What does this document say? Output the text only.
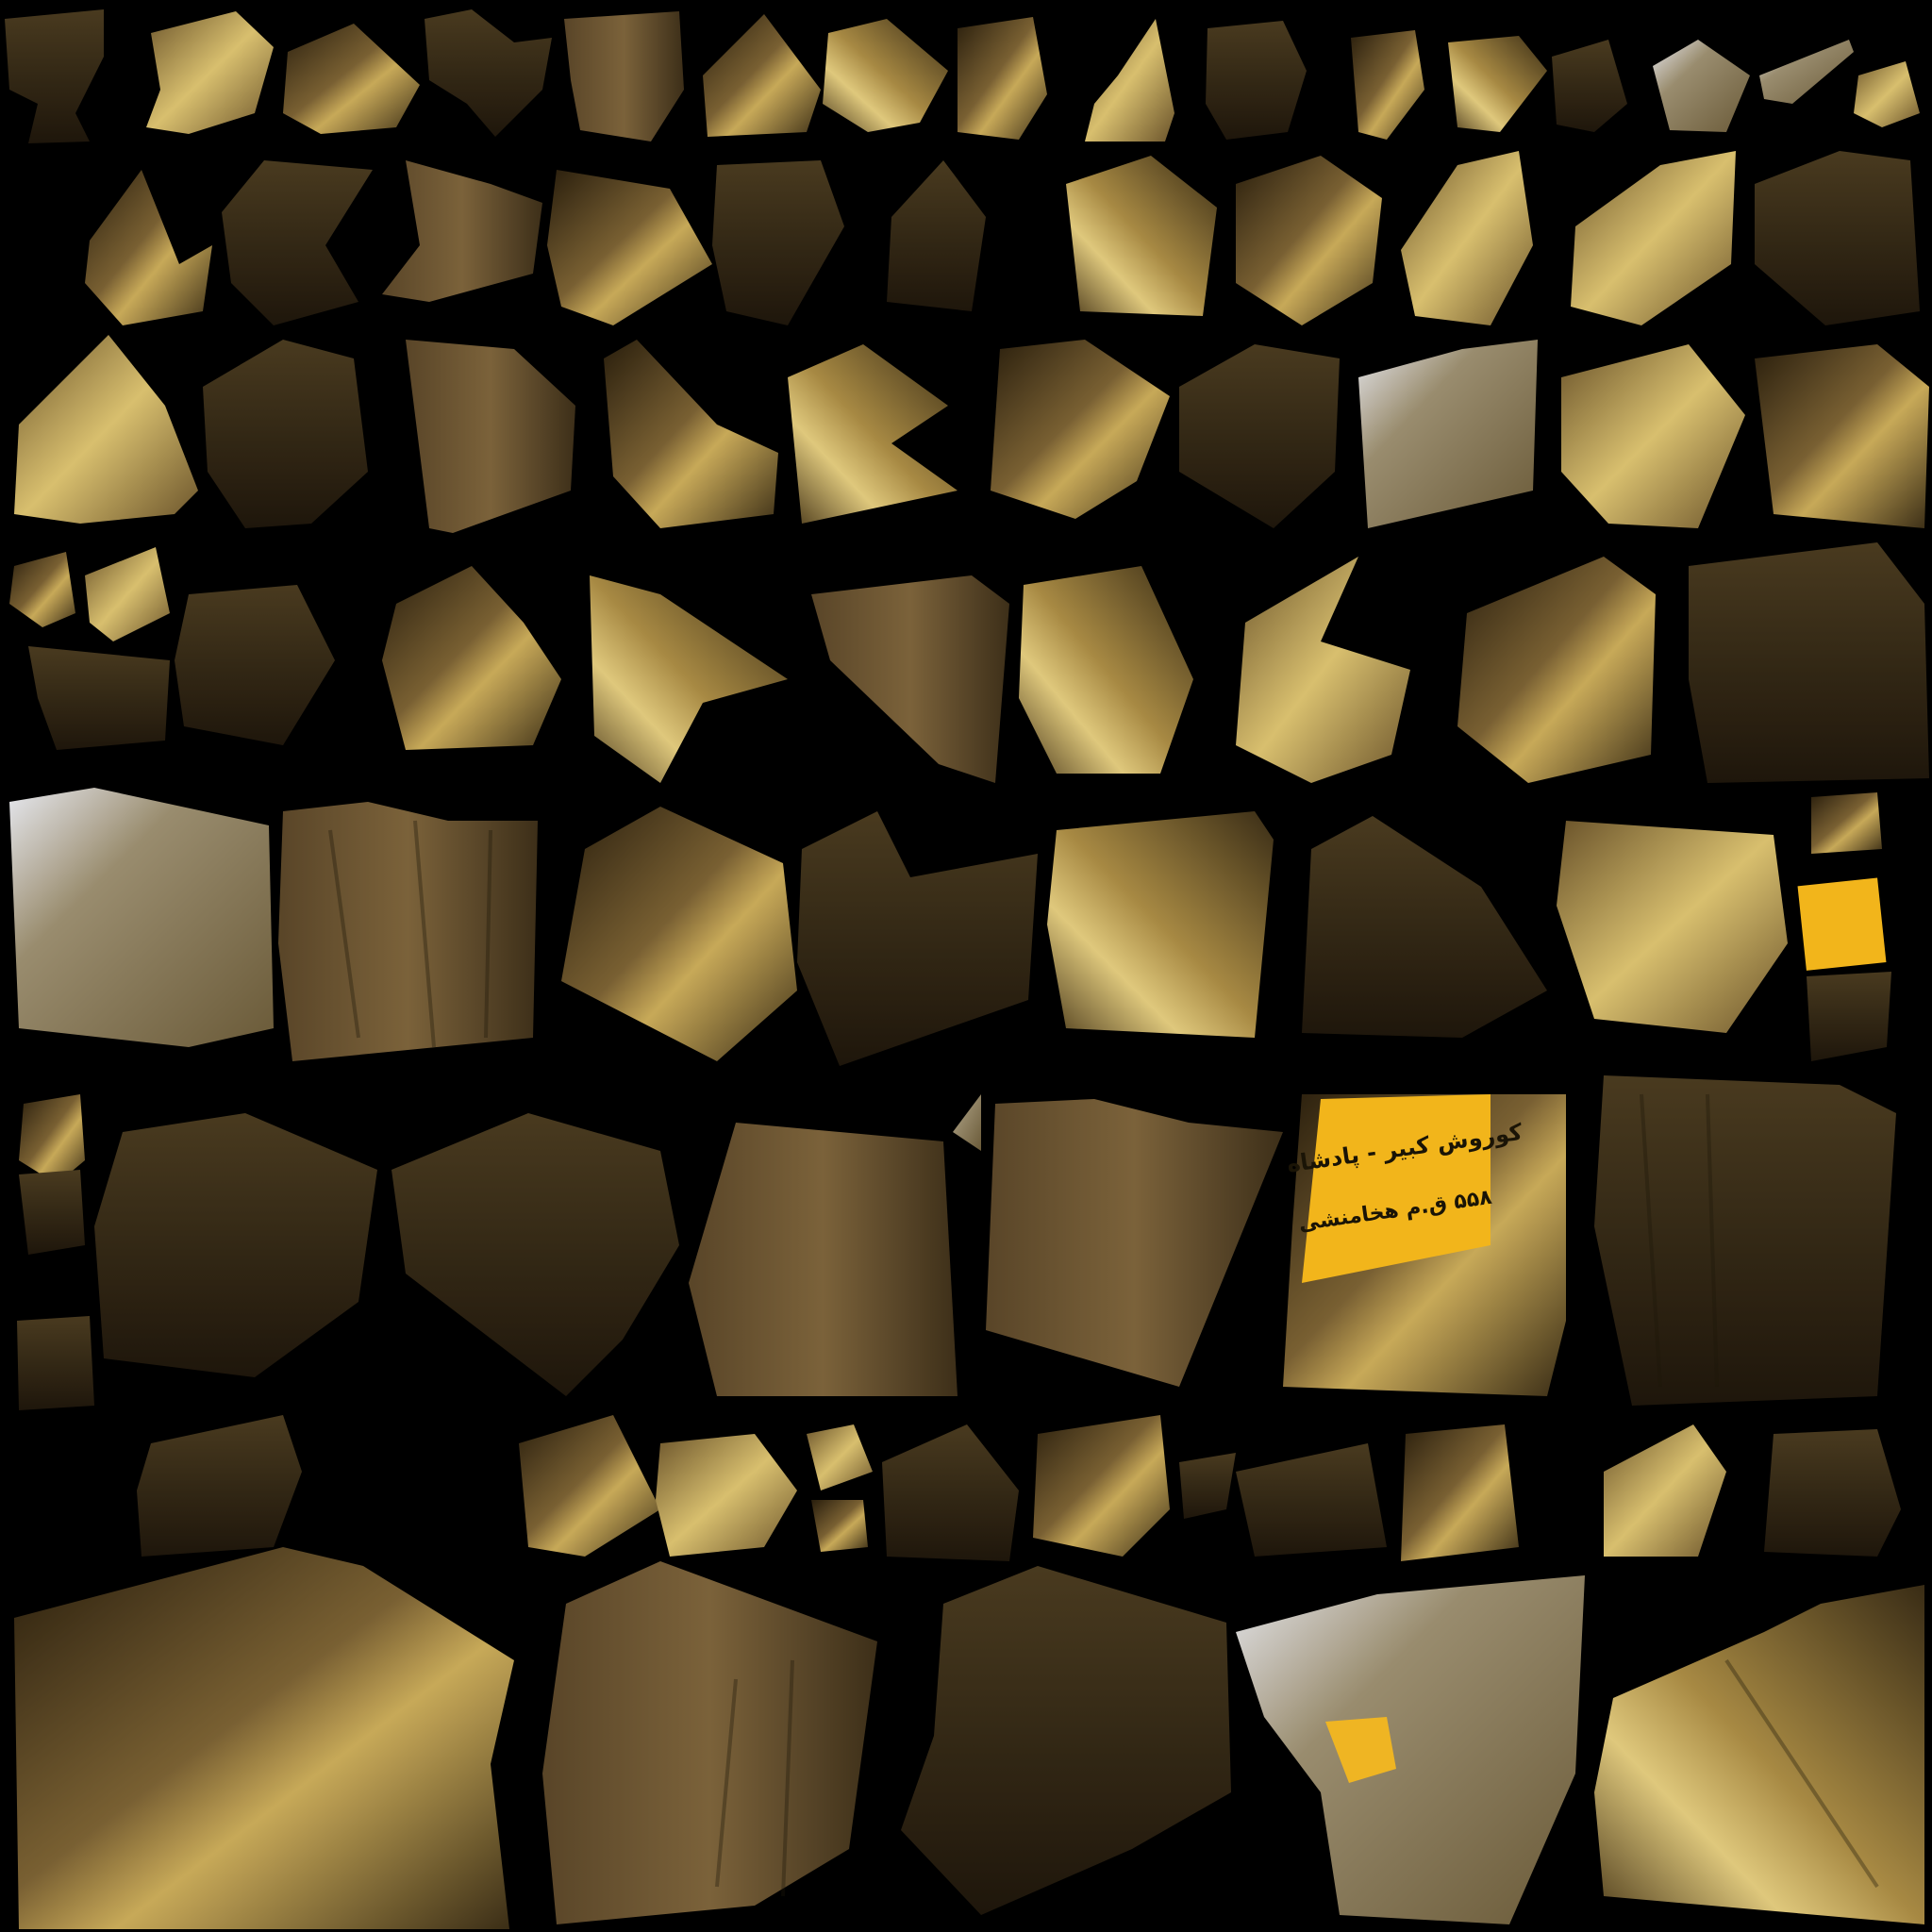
کوروش کبیر - پادشاه
۵۵۸ ق.م هخامنشی
